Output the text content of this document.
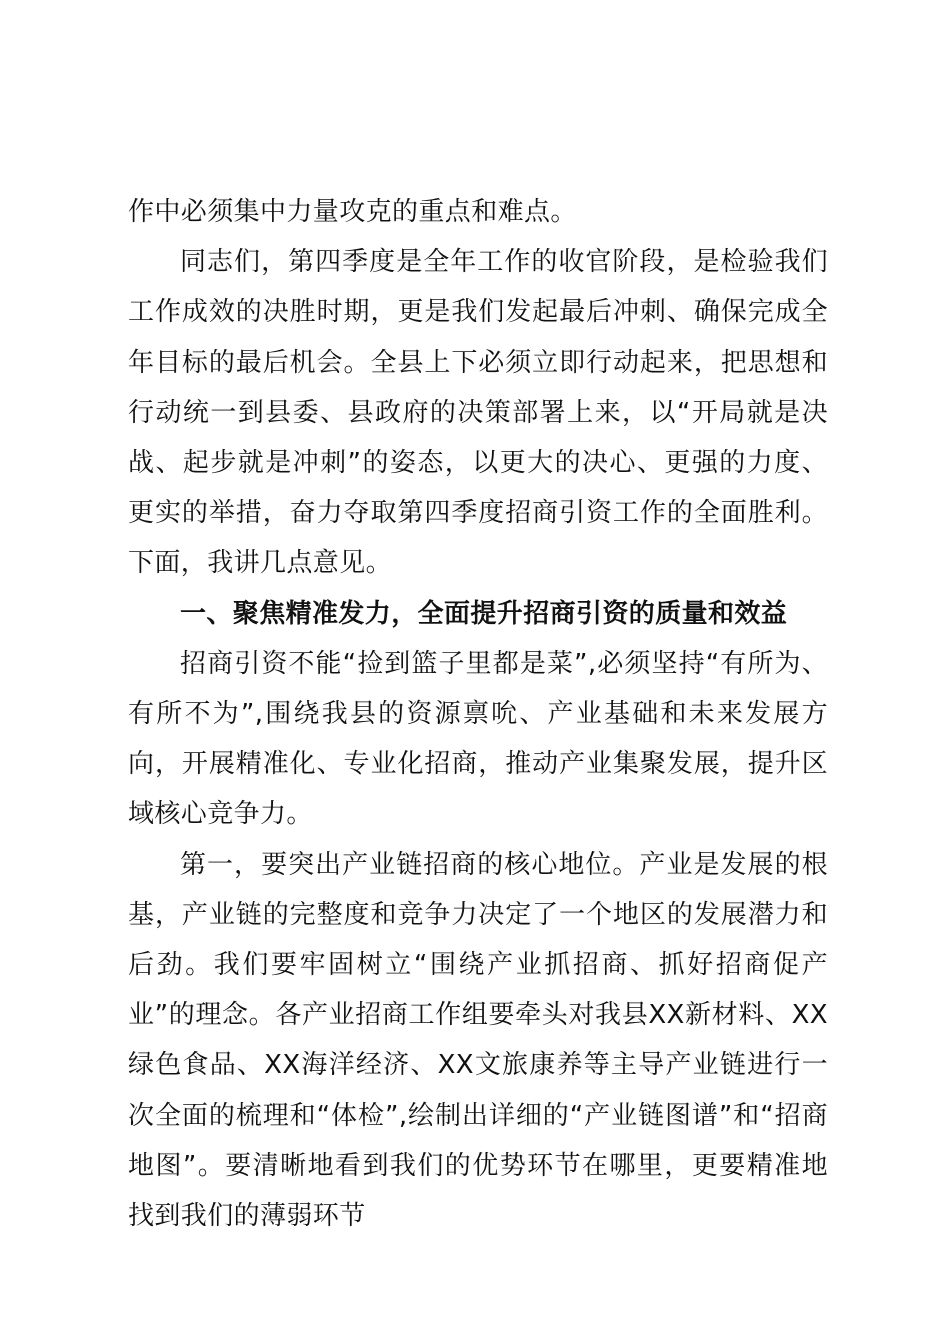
作中必须集中力量攻克的重点和难点。

同志们，第四季度是全年工作的收官阶段，是检验我们工作成效的决胜时期，更是我们发起最后冲刺、确保完成全年目标的最后机会。全县上下必须立即行动起来，把思想和行动统一到县委、县政府的决策部署上来，以“开局就是决战、起步就是冲刺”的姿态，以更大的决心、更强的力度、更实的举措，奋力夺取第四季度招商引资工作的全面胜利。下面，我讲几点意见。

一、聚焦精准发力，全面提升招商引资的质量和效益

招商引资不能“捡到篮子里都是菜”,必须坚持“有所为、有所不为”,围绕我县的资源禀吮、产业基础和未来发展方向，开展精准化、专业化招商，推动产业集聚发展，提升区域核心竞争力。

第一，要突出产业链招商的核心地位。产业是发展的根基，产业链的完整度和竞争力决定了一个地区的发展潜力和后劲。我们要牢固树立“围绕产业抓招商、抓好招商促产业”的理念。各产业招商工作组要牵头对我县XX新材料、XX绿色食品、XX海洋经济、XX文旅康养等主导产业链进行一次全面的梳理和“体检”,绘制出详细的“产业链图谱”和“招商地图”。要清晰地看到我们的优势环节在哪里，更要精准地找到我们的薄弱环节
